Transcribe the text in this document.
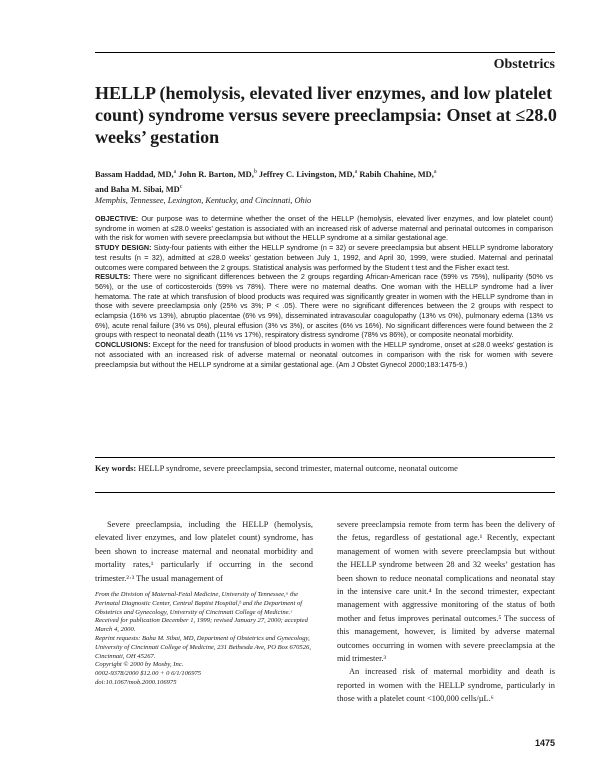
Obstetrics
HELLP (hemolysis, elevated liver enzymes, and low platelet count) syndrome versus severe preeclampsia: Onset at ≤28.0 weeks’ gestation
Bassam Haddad, MD,$^a$ John R. Barton, MD,$^b$ Jeffrey C. Livingston, MD,$^a$ Rabih Chahine, MD,$^a$
and Baha M. Sibai, $MD^c$
Memphis, Tennessee, Lexington, Kentucky, and Cincinnati, Ohio

OBJECTIVE: Our purpose was to determine whether the onset of the HELLP (hemolysis, elevated liver enzymes, and low platelet count) syndrome in women at ≤28.0 weeks’ gestation is associated with an increased risk of adverse maternal and perinatal outcomes in comparison with the risk for women with severe preeclampsia but without the HELLP syndrome at a similar gestational age.

STUDY DESIGN: Sixty-four patients with either the HELLP syndrome (n = 32) or severe preeclampsia but absent HELLP syndrome laboratory test results (n = 32), admitted at ≤28.0 weeks’ gestation between July 1, 1992, and April 30, 1999, were studied. Maternal and perinatal outcomes were compared between the 2 groups. Statistical analysis was performed by the Student t test and the Fisher exact test.

RESULTS: There were no significant differences between the 2 groups regarding African-American race (59% vs 75%), nulliparity (50% vs 56%), or the use of corticosteroids (59% vs 78%). There were no maternal deaths. One woman with the HELLP syndrome had a liver hematoma. The rate at which transfusion of blood products was required was significantly greater in women with the HELLP syndrome than in those with severe preeclampsia only (25% vs 3%; P < .05). There were no significant differences between the 2 groups with respect to eclampsia (16% vs 13%), abruptio placentae (6% vs 9%), disseminated intravascular coagulopathy (13% vs 0%), pulmonary edema (13% vs 6%), acute renal failure (3% vs 0%), pleural effusion (3% vs 3%), or ascites (6% vs 16%). No significant differences were found between the 2 groups with respect to neonatal death (11% vs 17%), respiratory distress syndrome (78% vs 86%), or composite neonatal morbidity.

CONCLUSIONS: Except for the need for transfusion of blood products in women with the HELLP syndrome, onset at ≤28.0 weeks’ gestation is not associated with an increased risk of adverse maternal or neonatal outcomes in comparison with the risk for women with severe preeclampsia but without the HELLP syndrome at a similar gestational age. (Am J Obstet Gynecol 2000;183:1475-9.)

Key words: HELLP syndrome, severe preeclampsia, second trimester, maternal outcome, neonatal outcome

Severe preeclampsia, including the HELLP (hemolysis, elevated liver enzymes, and low platelet count) syndrome, has been shown to increase maternal and neonatal morbidity and mortality rates,¹ particularly if occurring in the second trimester.²·³ The usual management of

From the Division of Maternal-Fetal Medicine, University of Tennessee,ᵃ the Perinatal Diagnostic Center, Central Baptist Hospital,ᵇ and the Department of Obstetrics and Gynecology, University of Cincinnati College of Medicine.ᶜ

Received for publication December 1, 1999; revised January 27, 2000; accepted March 4, 2000.

Reprint requests: Baha M. Sibai, MD, Department of Obstetrics and Gynecology, University of Cincinnati College of Medicine, 231 Bethesda Ave, PO Box 670526, Cincinnati, OH 45267.

Copyright © 2000 by Mosby, Inc.

0002-9378/2000 $12.00 + 0 6/1/106975

doi:10.1067/mob.2000.106975

severe preeclampsia remote from term has been the delivery of the fetus, regardless of gestational age.¹ Recently, expectant management of women with severe preeclampsia but without the HELLP syndrome between 28 and 32 weeks’ gestation has been shown to reduce neonatal complications and neonatal stay in the intensive care unit.⁴ In the second trimester, expectant management with aggressive monitoring of the status of both mother and fetus improves perinatal outcomes.⁵ The success of this management, however, is limited by adverse maternal outcomes occurring in women with severe preeclampsia at the mid trimester.³

An increased risk of maternal morbidity and death is reported in women with the HELLP syndrome, particularly in those with a platelet count <100,000 cells/µL.⁶

1475
